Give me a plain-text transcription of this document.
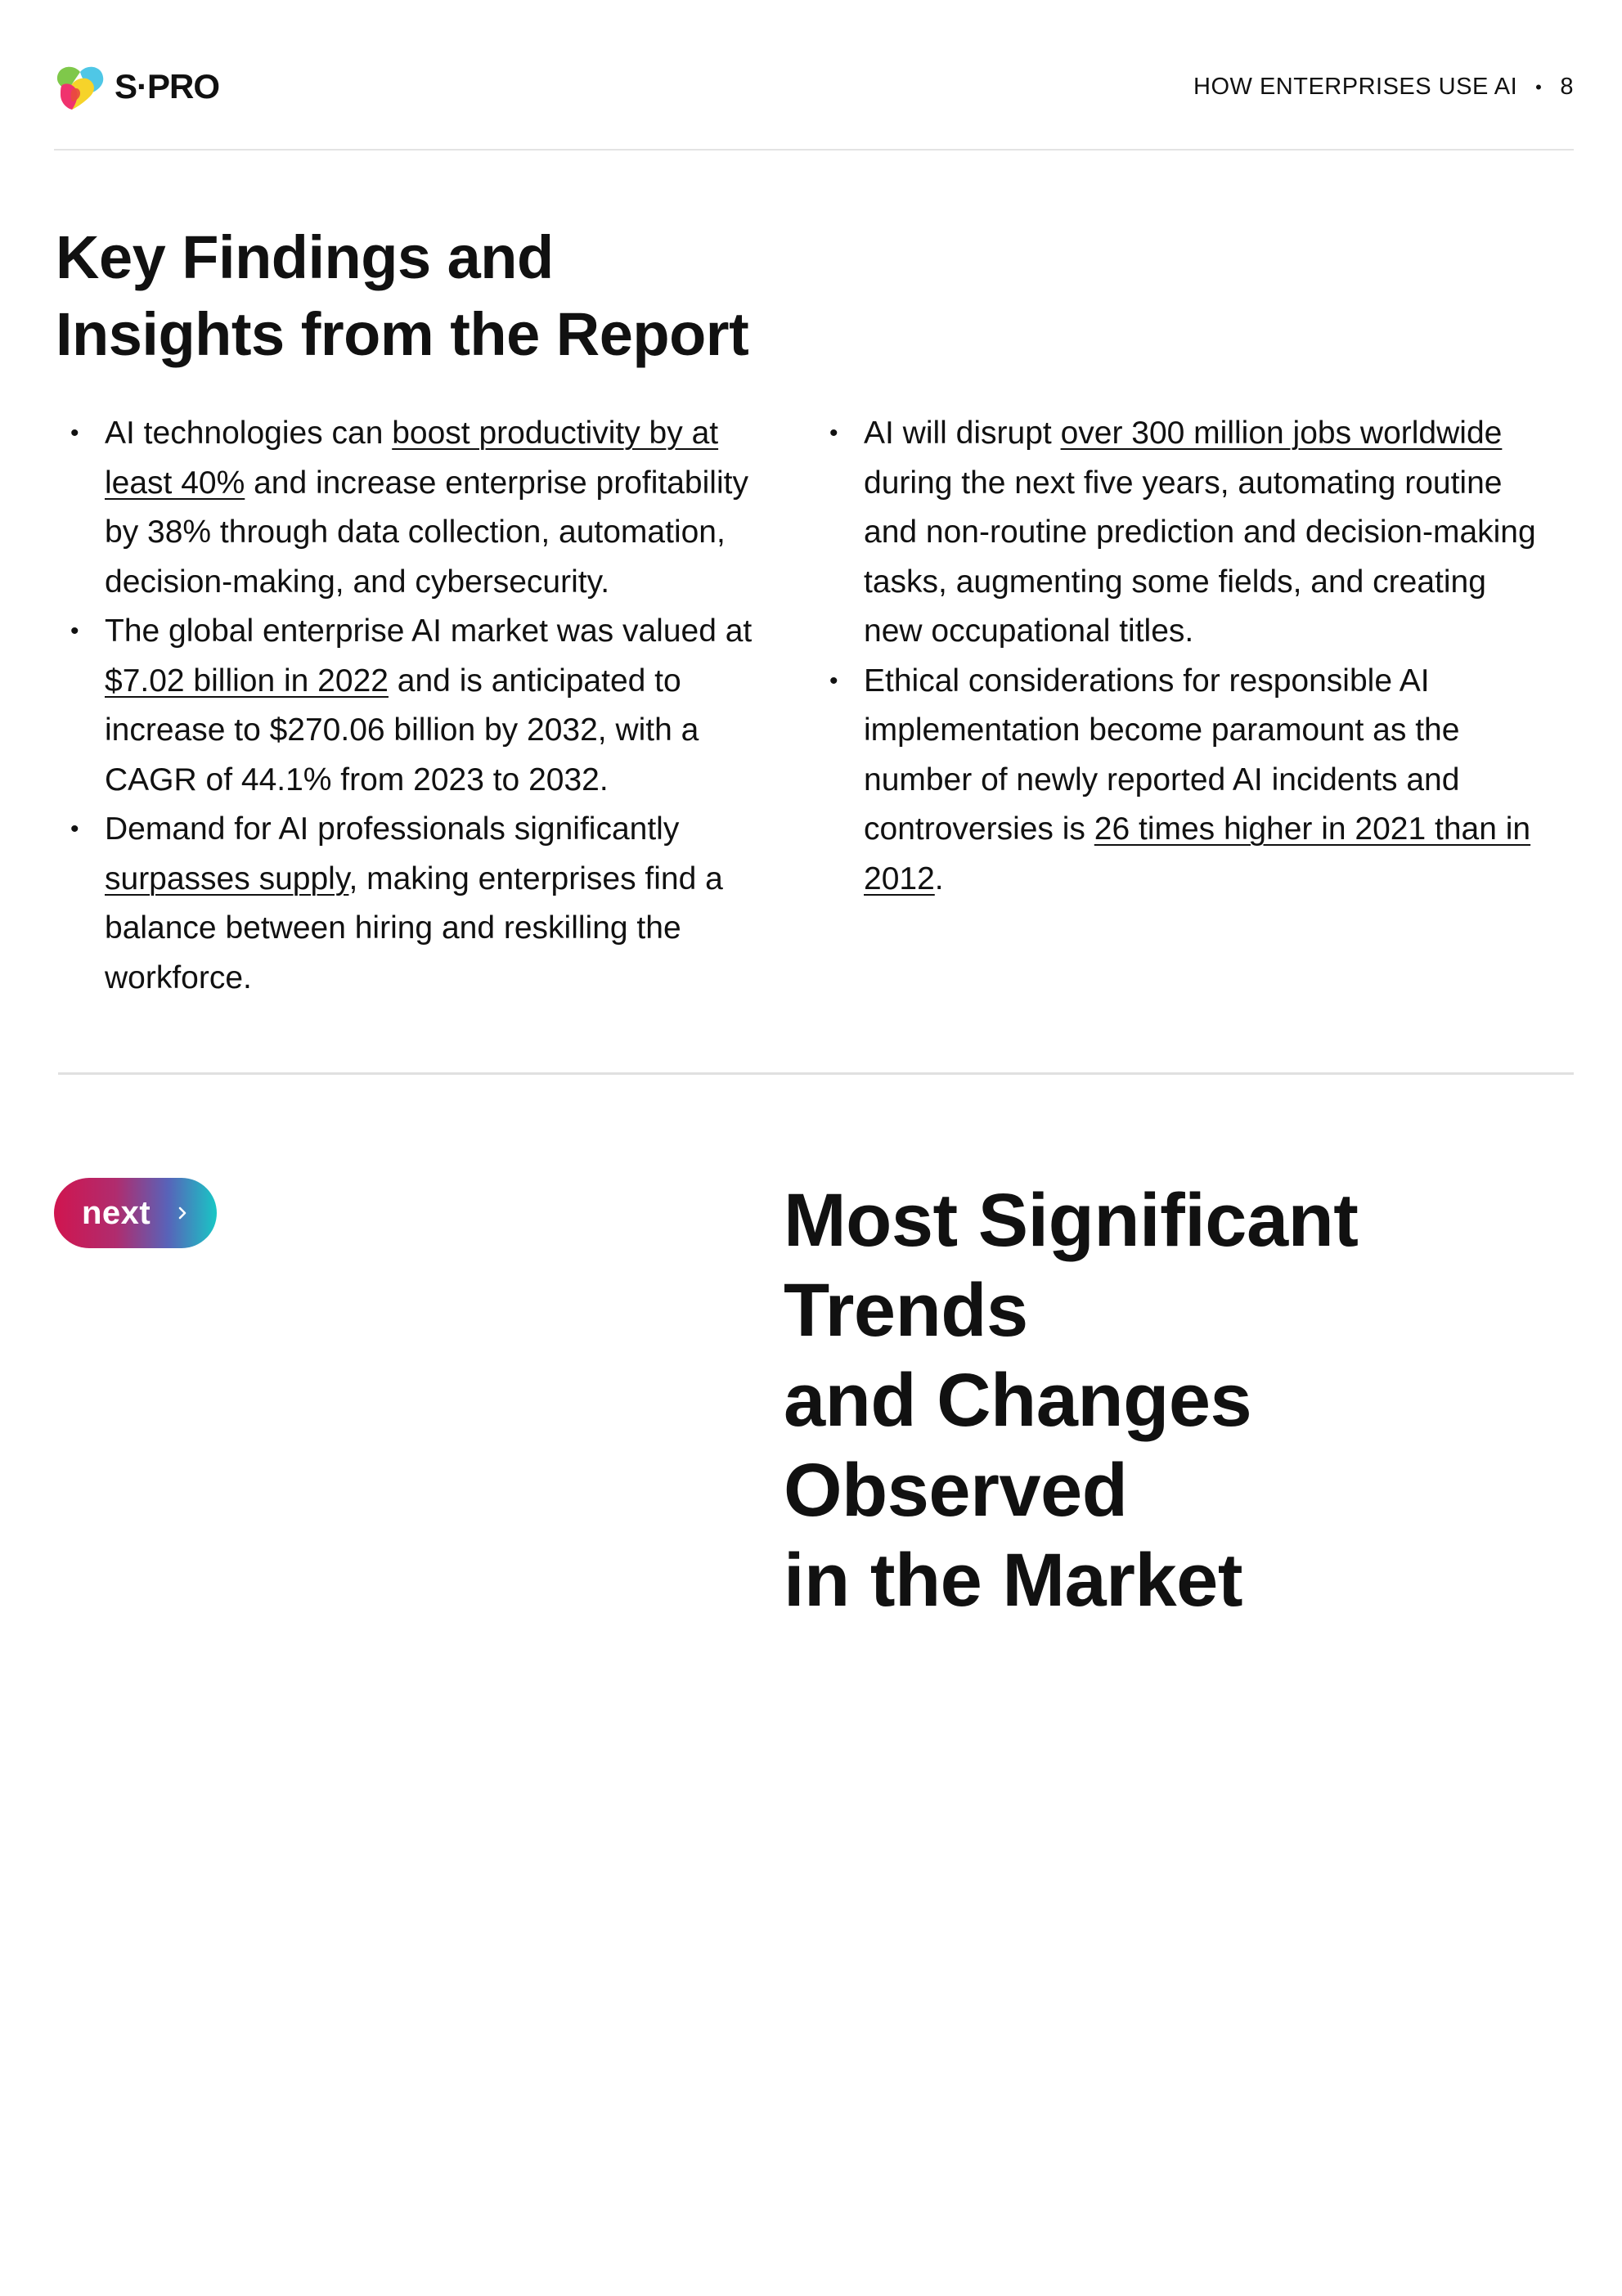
S·PRO	HOW ENTERPRISES USE AI • 8
Key Findings and
Insights from the Report
• AI technologies can boost productivity by at least 40% and increase enterprise profitability by 38% through data collection, automation, decision-making, and cybersecurity.
• The global enterprise AI market was valued at $7.02 billion in 2022 and is anticipated to increase to $270.06 billion by 2032, with a CAGR of 44.1% from 2023 to 2032.
• Demand for AI professionals significantly surpasses supply, making enterprises find a balance between hiring and reskilling the workforce.
• AI will disrupt over 300 million jobs worldwide during the next five years, automating routine and non-routine prediction and decision-making tasks, augmenting some fields, and creating new occupational titles.
• Ethical considerations for responsible AI implementation become paramount as the number of newly reported AI incidents and controversies is 26 times higher in 2021 than in 2012.
next	Most Significant Trends
and Changes Observed
in the Market
